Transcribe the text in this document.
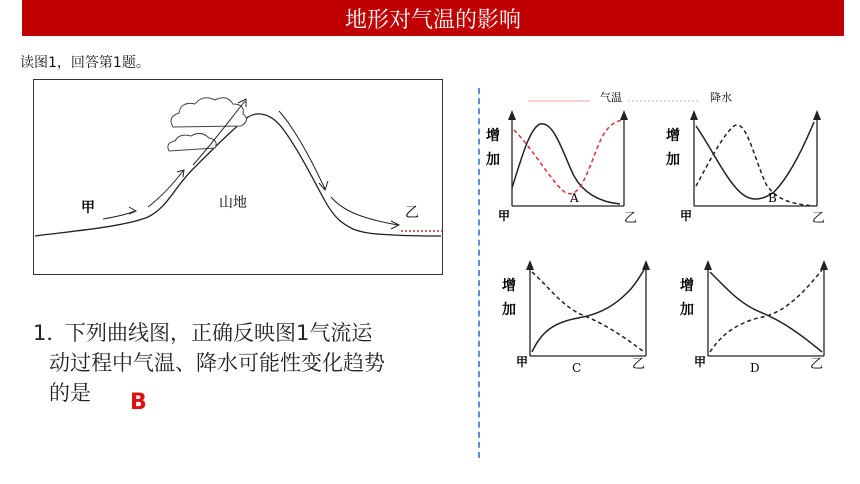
地形对气温的影响
读图1，回答第1题。
甲	山地
乙
1．下列曲线图，正确反映图1气流运
动过程中气温、降水可能性变化趋势
的是	B
气温	降水
增
加
甲	乙
A
增
加
甲	乙
B
增
加
甲	乙
C
增
加
甲	乙
D
